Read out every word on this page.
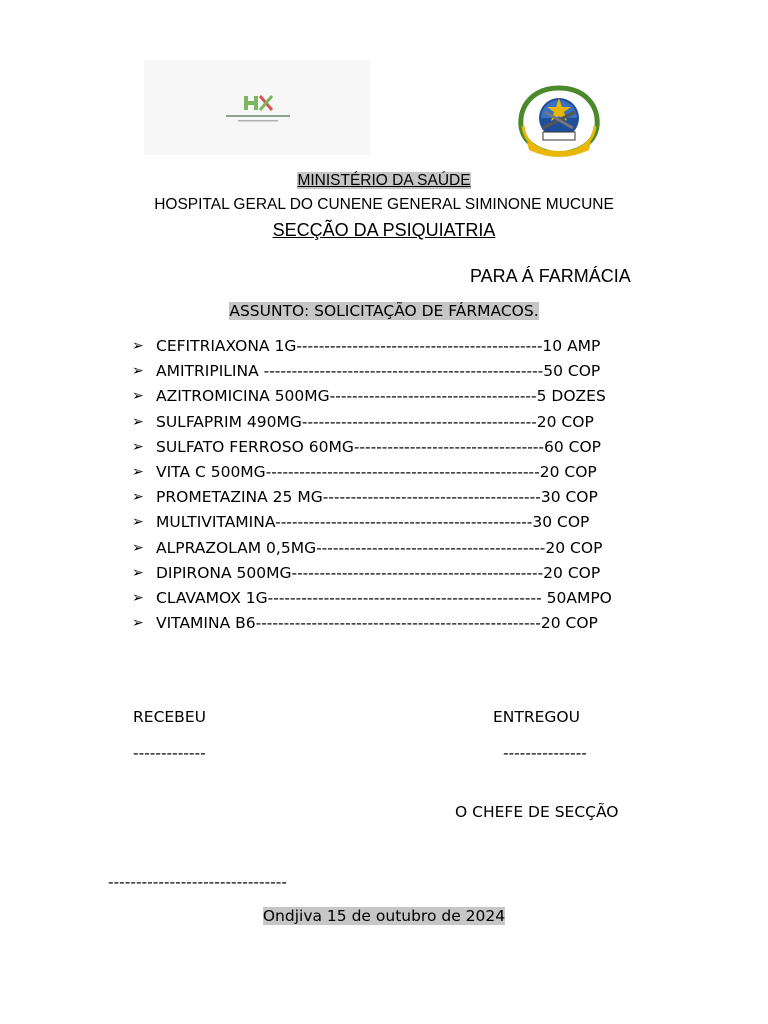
MINISTÉRIO DA SAÚDE
HOSPITAL GERAL DO CUNENE GENERAL SIMINONE MUCUNE
SECÇÃO DA PSIQUIATRIA
PARA Á FARMÁCIA
ASSUNTO: SOLICITAÇÃO DE FÁRMACOS.
➢ CEFITRIAXONA 1G--------------------------------------------10 AMP
➢ AMITRIPILINA --------------------------------------------------50 COP
➢ AZITROMICINA 500MG-------------------------------------5 DOZES
➢ SULFAPRIM 490MG------------------------------------------20 COP
➢ SULFATO FERROSO 60MG----------------------------------60 COP
➢ VITA C 500MG-------------------------------------------------20 COP
➢ PROMETAZINA 25 MG---------------------------------------30 COP
➢ MULTIVITAMINA----------------------------------------------30 COP
➢ ALPRAZOLAM 0,5MG-----------------------------------------20 COP
➢ DIPIRONA 500MG---------------------------------------------20 COP
➢ CLAVAMOX 1G------------------------------------------------- 50AMPO
➢ VITAMINA B6---------------------------------------------------20 COP
RECEBEU	ENTREGOU
-------------	---------------
O CHEFE DE SECÇÃO
--------------------------------
Ondjiva 15 de outubro de 2024
